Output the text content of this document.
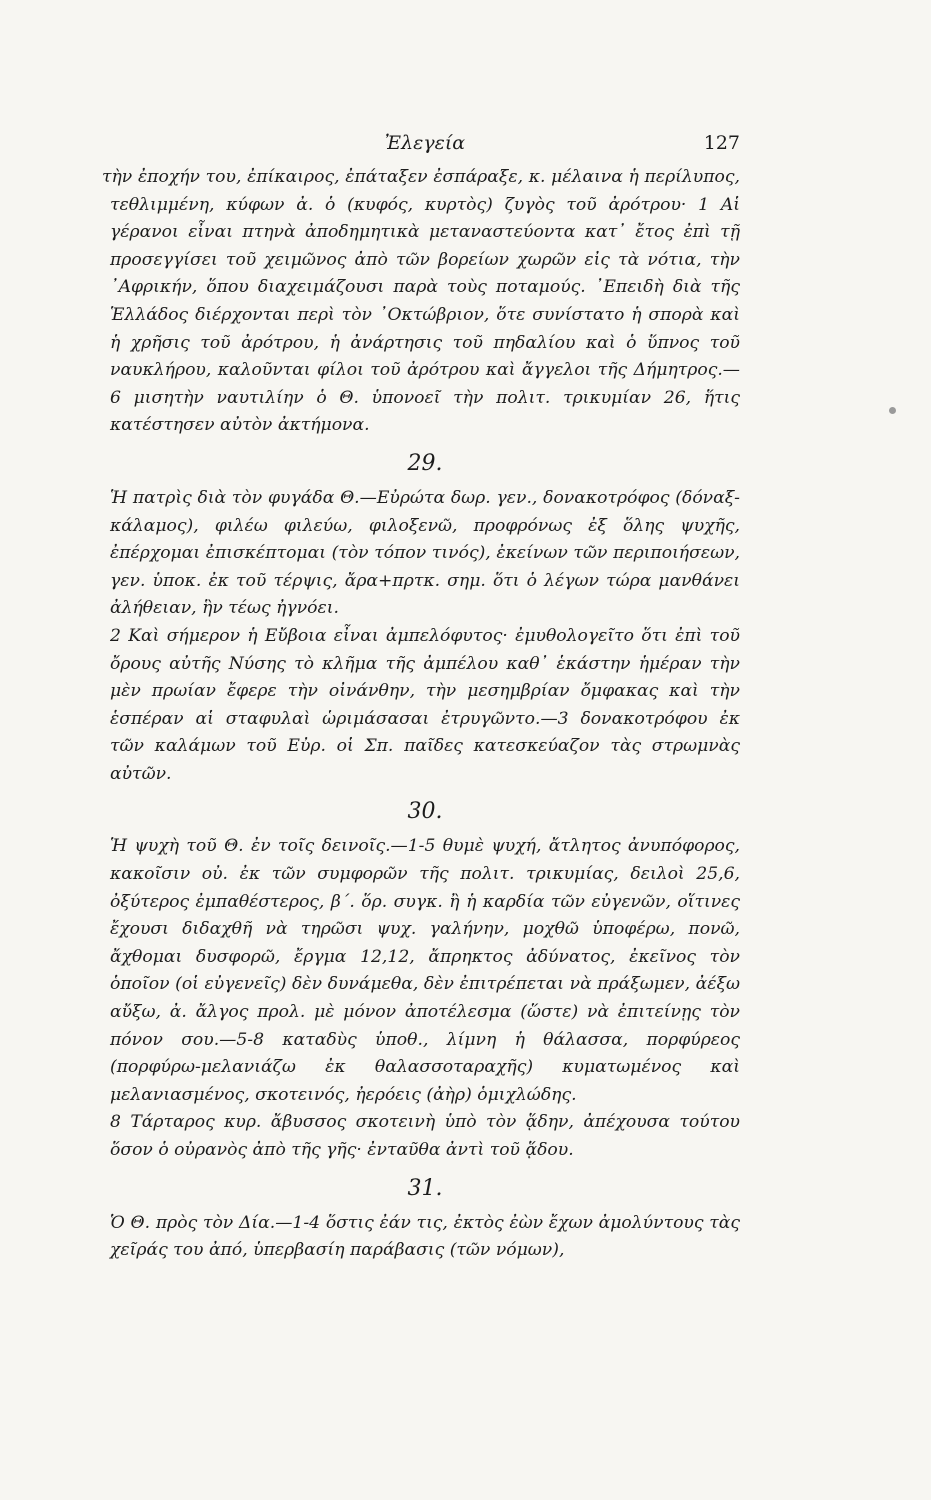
Ἐλεγεία	127

τὴν ἐποχήν του, ἐπίκαιρος, ἐπάταξεν ἐσπάραξε, κ. μέλαινα ἡ περίλυπος, τεθλιμμένη, κύφων ἀ. ὁ (κυφός, κυρτὸς) ζυγὸς τοῦ ἀρότρου· 1 Αἱ γέρανοι εἶναι πτηνὰ ἀποδημητικὰ μεταναστεύοντα κατ᾽ ἔτος ἐπὶ τῇ προσεγγίσει τοῦ χειμῶνος ἀπὸ τῶν βορείων χωρῶν εἰς τὰ νότια, τὴν ᾿Αφρικήν, ὅπου διαχειμάζουσι παρὰ τοὺς ποταμούς. ᾿Επειδὴ διὰ τῆς Ἑλλάδος διέρχονται περὶ τὸν ᾿Οκτώβριον, ὅτε συνίστατο ἡ σπορὰ καὶ ἡ χρῆσις τοῦ ἀρότρου, ἡ ἀνάρτησις τοῦ πηδαλίου καὶ ὁ ὕπνος τοῦ ναυκλήρου, καλοῦνται φίλοι τοῦ ἀρότρου καὶ ἄγγελοι τῆς Δήμητρος.—6 μισητὴν ναυτιλίην ὁ Θ. ὑπονοεῖ τὴν πολιτ. τρικυμίαν 26, ἥτις κατέστησεν αὐτὸν ἀκτήμονα.

29.

Ἡ πατρὶς διὰ τὸν φυγάδα Θ.—Εὐρώτα δωρ. γεν., δονακοτρόφος (δόναξ-κάλαμος), φιλέω φιλεύω, φιλοξενῶ, προφρόνως ἐξ ὅλης ψυχῆς, ἐπέρχομαι ἐπισκέπτομαι (τὸν τόπον τινός), ἐκείνων τῶν περιποιήσεων, γεν. ὑποκ. ἐκ τοῦ τέρψις, ἄρα+πρτκ. σημ. ὅτι ὁ λέγων τώρα μανθάνει ἀλήθειαν, ἣν τέως ἠγνόει.

2 Καὶ σήμερον ἡ Εὔβοια εἶναι ἀμπελόφυτος· ἐμυθολογεῖτο ὅτι ἐπὶ τοῦ ὄρους αὐτῆς Νύσης τὸ κλῆμα τῆς ἀμπέλου καθ᾽ ἑκάστην ἡμέραν τὴν μὲν πρωίαν ἔφερε τὴν οἰνάνθην, τὴν μεσημβρίαν ὄμφακας καὶ τὴν ἑσπέραν αἱ σταφυλαὶ ὡριμάσασαι ἐτρυγῶντο.—3 δονακοτρόφου ἐκ τῶν καλάμων τοῦ Εὐρ. οἱ Σπ. παῖδες κατεσκεύαζον τὰς στρωμνὰς αὐτῶν.

30.

Ἡ ψυχὴ τοῦ Θ. ἐν τοῖς δεινοῖς.—1-5 θυμὲ ψυχή, ἄτλητος ἀνυπόφορος, κακοῖσιν οὐ. ἐκ τῶν συμφορῶν τῆς πολιτ. τρικυμίας, δειλοὶ 25,6, ὀξύτερος ἐμπαθέστερος, β΄. ὅρ. συγκ. ἢ ἡ καρδία τῶν εὐγενῶν, οἵτινες ἔχουσι διδαχθῆ νὰ τηρῶσι ψυχ. γαλήνην, μοχθῶ ὑποφέρω, πονῶ, ἄχθομαι δυσφορῶ, ἔργμα 12,12, ἄπρηκτος ἀδύνατος, ἐκεῖνος τὸν ὁποῖον (οἱ εὐγενεῖς) δὲν δυνάμεθα, δὲν ἐπιτρέπεται νὰ πράξωμεν, ἀέξω αὔξω, ἀ. ἄλγος προλ. μὲ μόνον ἀποτέλεσμα (ὥστε) νὰ ἐπιτείνῃς τὸν πόνον σου.—5-8 καταδὺς ὑποθ., λίμνη ἡ θάλασσα, πορφύρεος (πορφύρω-μελανιάζω ἐκ θαλασσοταραχῆς) κυματωμένος καὶ μελανιασμένος, σκοτεινός, ἠερόεις (ἀὴρ) ὁμιχλώδης.

8 Τάρταρος κυρ. ἄβυσσος σκοτεινὴ ὑπὸ τὸν ᾅδην, ἀπέχουσα τούτου ὅσον ὁ οὐρανὸς ἀπὸ τῆς γῆς· ἐνταῦθα ἀντὶ τοῦ ᾅδου.

31.

Ὁ Θ. πρὸς τὸν Δία.—1-4 ὅστις ἐάν τις, ἐκτὸς ἐὼν ἔχων ἀμολύντους τὰς χεῖράς του ἀπό, ὑπερβασίη παράβασις (τῶν νόμων),
